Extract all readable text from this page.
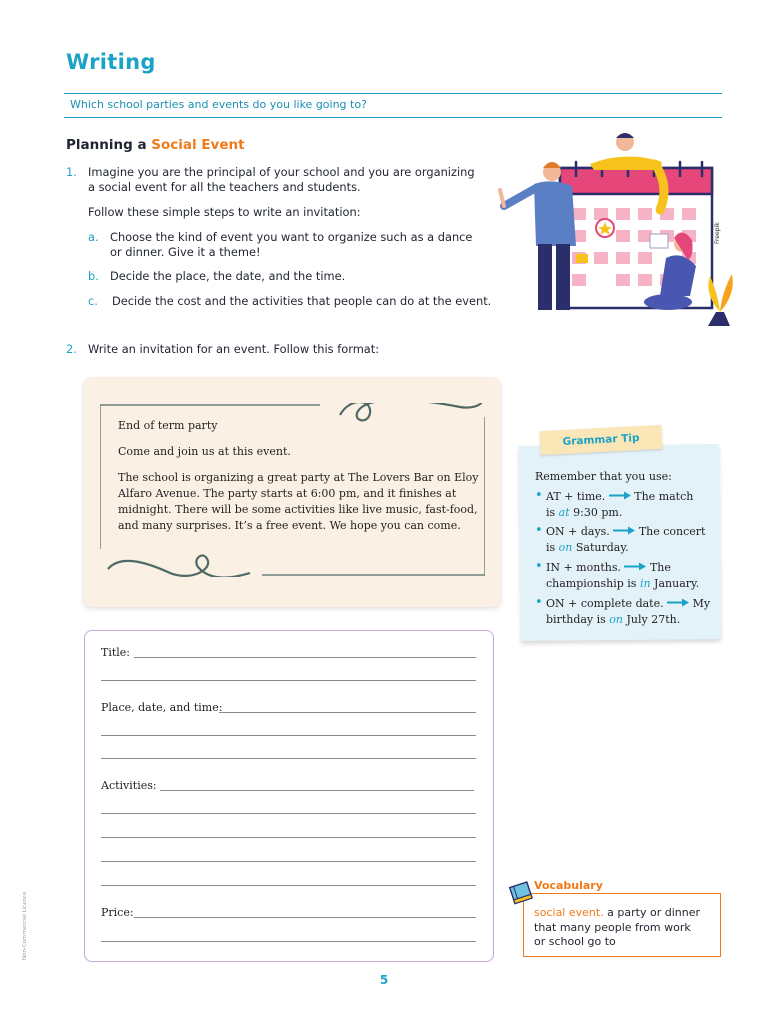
Writing
Which school parties and events do you like going to?
Planning a Social Event
1. Imagine you are the principal of your school and you are organizing
a social event for all the teachers and students.
Follow these simple steps to write an invitation:
a. Choose the kind of event you want to organize such as a dance
or dinner. Give it a theme!
b. Decide the place, the date, and the time.
c. Decide the cost and the activities that people can do at the event.
Freepik
2. Write an invitation for an event. Follow this format:
End of term party
Come and join us at this event.
The school is organizing a great party at The Lovers Bar on Eloy
Alfaro Avenue. The party starts at 6:00 pm, and it finishes at
midnight. There will be some activities like live music, fast-food,
and many surprises. It’s a free event. We hope you can come.
Grammar Tip
Remember that you use:
• AT + time.	The match
is at 9:30 pm.
• ON + days.	The concert
is on Saturday.
• IN + months.	The
championship is in January.
• ON + complete date.	My
birthday is on July 27th.
Title:
Place, date, and time:
Activities:
Price:
Vocabulary
social event. a party or dinner
that many people from work
or school go to
Non-Commercial Licence
5
